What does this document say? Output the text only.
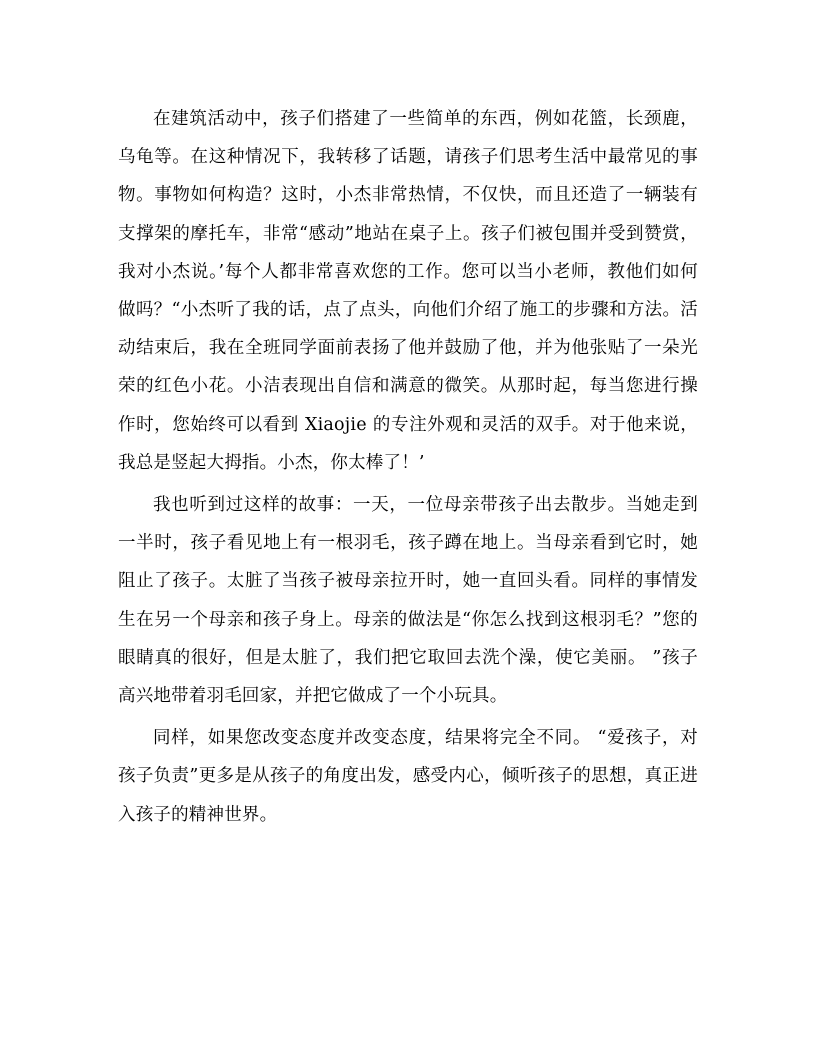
在建筑活动中，孩子们搭建了一些简单的东西，例如花篮，长颈鹿，乌龟等。在这种情况下，我转移了话题，请孩子们思考生活中最常见的事物。事物如何构造？这时，小杰非常热情，不仅快，而且还造了一辆装有支撑架的摩托车，非常“感动”地站在桌子上。孩子们被包围并受到赞赏，我对小杰说。’每个人都非常喜欢您的工作。您可以当小老师，教他们如何做吗？“小杰听了我的话，点了点头，向他们介绍了施工的步骤和方法。活动结束后，我在全班同学面前表扬了他并鼓励了他，并为他张贴了一朵光荣的红色小花。小洁表现出自信和满意的微笑。从那时起，每当您进行操作时，您始终可以看到 Xiaojie 的专注外观和灵活的双手。对于他来说，我总是竖起大拇指。小杰，你太棒了！’

我也听到过这样的故事：一天，一位母亲带孩子出去散步。当她走到一半时，孩子看见地上有一根羽毛，孩子蹲在地上。当母亲看到它时，她阻止了孩子。太脏了当孩子被母亲拉开时，她一直回头看。同样的事情发生在另一个母亲和孩子身上。母亲的做法是“你怎么找到这根羽毛？”您的眼睛真的很好，但是太脏了，我们把它取回去洗个澡，使它美丽。 ”孩子高兴地带着羽毛回家，并把它做成了一个小玩具。

同样，如果您改变态度并改变态度，结果将完全不同。 “爱孩子，对孩子负责”更多是从孩子的角度出发，感受内心，倾听孩子的思想，真正进入孩子的精神世界。
